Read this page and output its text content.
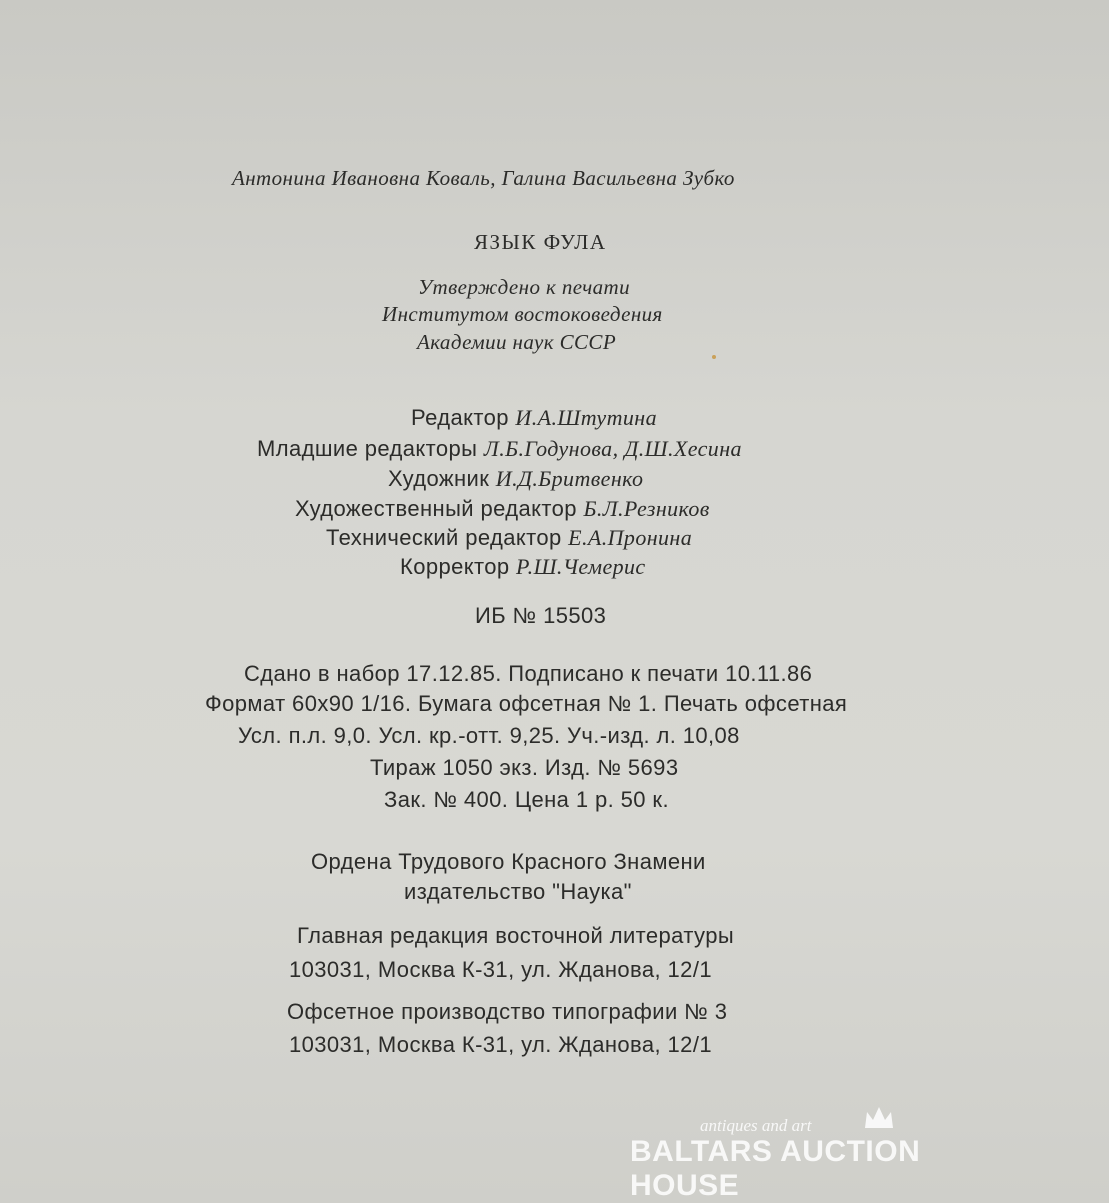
Антонина Ивановна Коваль, Галина Васильевна Зубко
ЯЗЫК ФУЛА
Утверждено к печати
Институтом востоковедения
Академии наук СССР
Редактор И.А.Штутина
Младшие редакторы Л.Б.Годунова, Д.Ш.Хесина
Художник И.Д.Бритвенко
Художественный редактор Б.Л.Резников
Технический редактор Е.А.Пронина
Корректор Р.Ш.Чемерис
ИБ № 15503
Сдано в набор 17.12.85. Подписано к печати 10.11.86
Формат 60х90 1/16. Бумага офсетная № 1. Печать офсетная
Усл. п.л. 9,0. Усл. кр.-отт. 9,25. Уч.-изд. л. 10,08
Тираж 1050 экз. Изд. № 5693
Зак. № 400. Цена 1 р. 50 к.
Ордена Трудового Красного Знамени
издательство "Наука"
Главная редакция восточной литературы
103031, Москва К-31, ул. Жданова, 12/1
Офсетное производство типографии № 3
103031, Москва К-31, ул. Жданова, 12/1
antiques and art
BALTARS AUCTION HOUSE
